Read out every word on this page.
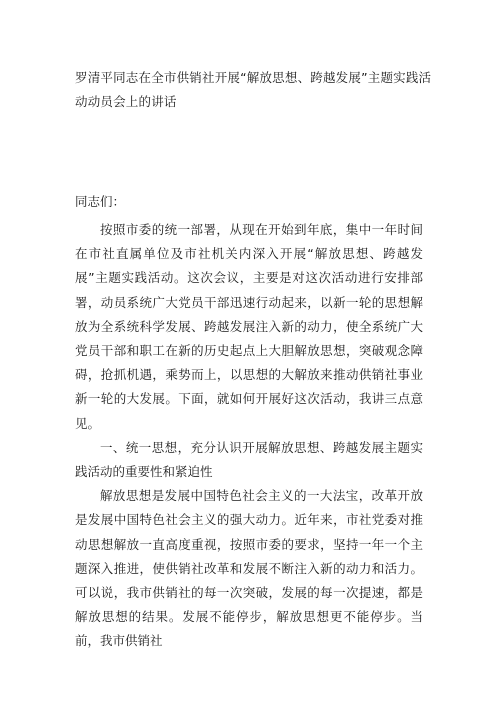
罗清平同志在全市供销社开展“解放思想、跨越发展”主题实践活动动员会上的讲话
同志们：

按照市委的统一部署，从现在开始到年底，集中一年时间在市社直属单位及市社机关内深入开展“解放思想、跨越发展”主题实践活动。这次会议，主要是对这次活动进行安排部署，动员系统广大党员干部迅速行动起来，以新一轮的思想解放为全系统科学发展、跨越发展注入新的动力，使全系统广大党员干部和职工在新的历史起点上大胆解放思想，突破观念障碍，抢抓机遇，乘势而上，以思想的大解放来推动供销社事业新一轮的大发展。下面，就如何开展好这次活动，我讲三点意见。

一、统一思想，充分认识开展解放思想、跨越发展主题实践活动的重要性和紧迫性

解放思想是发展中国特色社会主义的一大法宝，改革开放是发展中国特色社会主义的强大动力。近年来，市社党委对推动思想解放一直高度重视，按照市委的要求，坚持一年一个主题深入推进，使供销社改革和发展不断注入新的动力和活力。可以说，我市供销社的每一次突破，发展的每一次提速，都是解放思想的结果。发展不能停步，解放思想更不能停步。当前，我市供销社
